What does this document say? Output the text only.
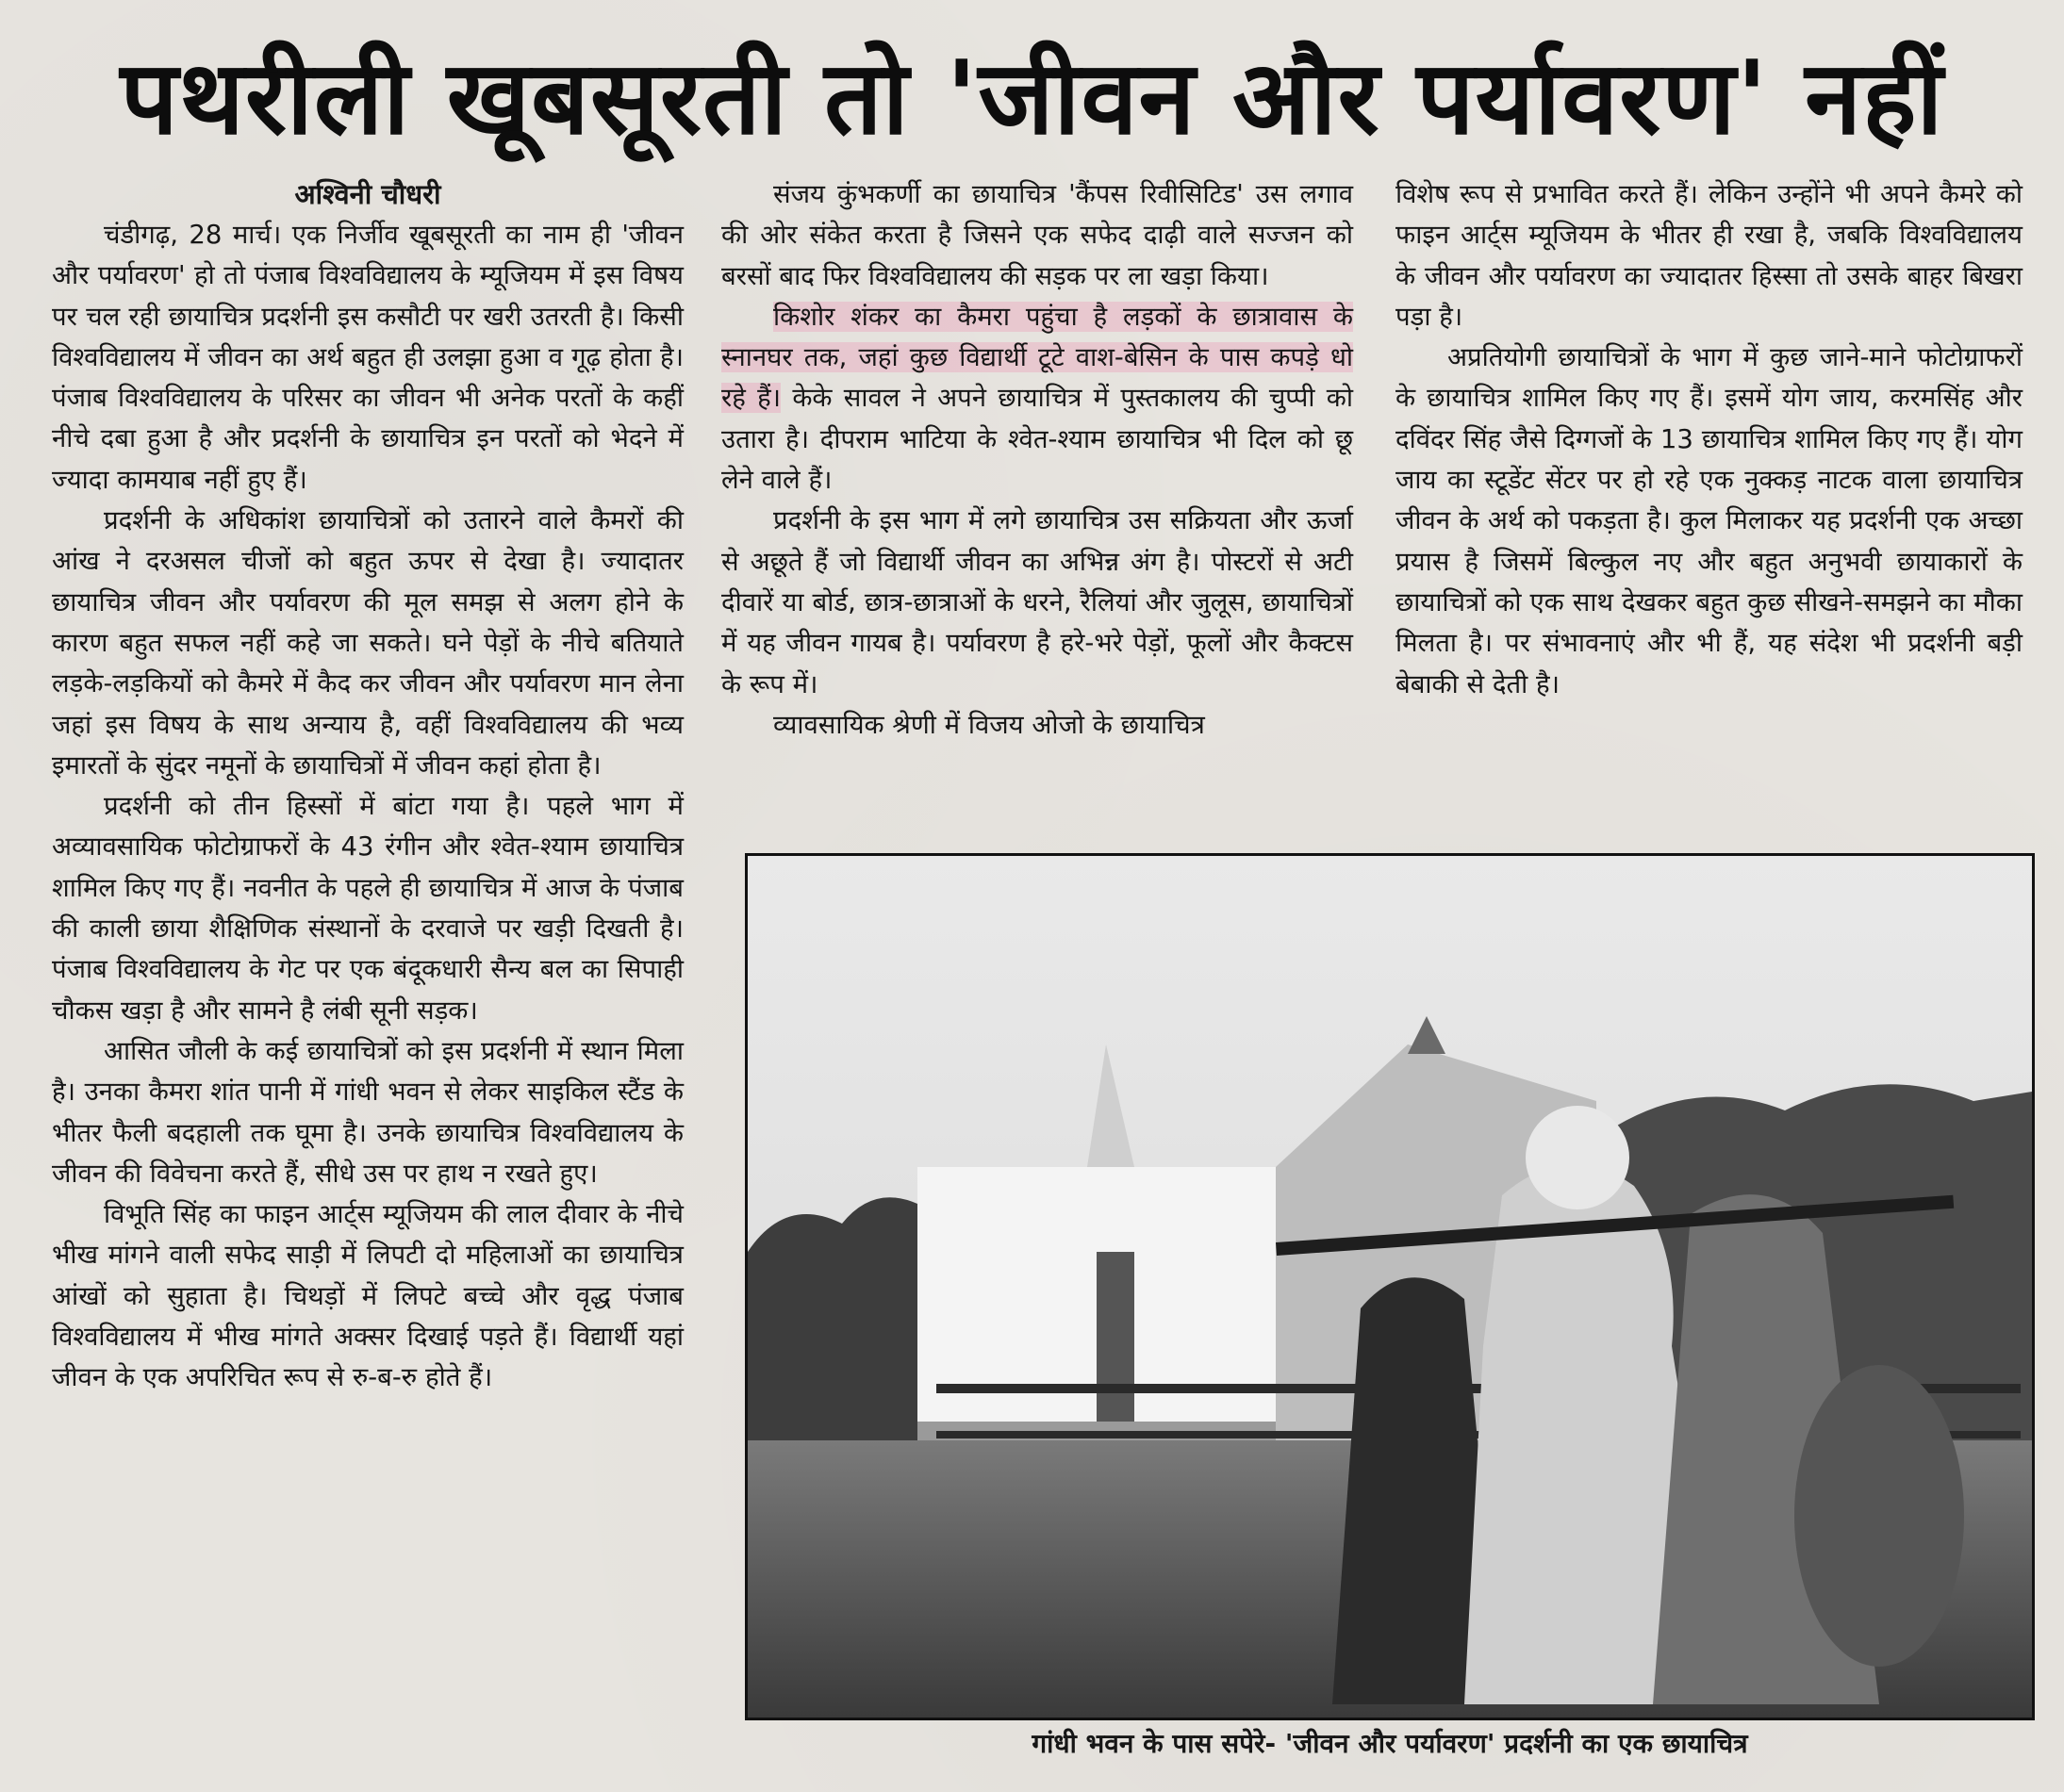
पथरीली खूबसूरती तो 'जीवन और पर्यावरण' नहीं

अश्विनी चौधरी

चंडीगढ़, 28 मार्च। एक निर्जीव खूबसूरती का नाम ही 'जीवन और पर्यावरण' हो तो पंजाब विश्वविद्यालय के म्यूजियम में इस विषय पर चल रही छायाचित्र प्रदर्शनी इस कसौटी पर खरी उतरती है। किसी विश्वविद्यालय में जीवन का अर्थ बहुत ही उलझा हुआ व गूढ़ होता है। पंजाब विश्वविद्यालय के परिसर का जीवन भी अनेक परतों के कहीं नीचे दबा हुआ है और प्रदर्शनी के छायाचित्र इन परतों को भेदने में ज्यादा कामयाब नहीं हुए हैं।

प्रदर्शनी के अधिकांश छायाचित्रों को उतारने वाले कैमरों की आंख ने दरअसल चीजों को बहुत ऊपर से देखा है। ज्यादातर छायाचित्र जीवन और पर्यावरण की मूल समझ से अलग होने के कारण बहुत सफल नहीं कहे जा सकते। घने पेड़ों के नीचे बतियाते लड़के-लड़कियों को कैमरे में कैद कर जीवन और पर्यावरण मान लेना जहां इस विषय के साथ अन्याय है, वहीं विश्वविद्यालय की भव्य इमारतों के सुंदर नमूनों के छायाचित्रों में जीवन कहां होता है।

प्रदर्शनी को तीन हिस्सों में बांटा गया है। पहले भाग में अव्यावसायिक फोटोग्राफरों के 43 रंगीन और श्वेत-श्याम छायाचित्र शामिल किए गए हैं। नवनीत के पहले ही छायाचित्र में आज के पंजाब की काली छाया शैक्षिणिक संस्थानों के दरवाजे पर खड़ी दिखती है। पंजाब विश्वविद्यालय के गेट पर एक बंदूकधारी सैन्य बल का सिपाही चौकस खड़ा है और सामने है लंबी सूनी सड़क।

आसित जौली के कई छायाचित्रों को इस प्रदर्शनी में स्थान मिला है। उनका कैमरा शांत पानी में गांधी भवन से लेकर साइकिल स्टैंड के भीतर फैली बदहाली तक घूमा है। उनके छायाचित्र विश्वविद्यालय के जीवन की विवेचना करते हैं, सीधे उस पर हाथ न रखते हुए।

विभूति सिंह का फाइन आर्ट्स म्यूजियम की लाल दीवार के नीचे भीख मांगने वाली सफेद साड़ी में लिपटी दो महिलाओं का छायाचित्र आंखों को सुहाता है। चिथड़ों में लिपटे बच्चे और वृद्ध पंजाब विश्वविद्यालय में भीख मांगते अक्सर दिखाई पड़ते हैं। विद्यार्थी यहां जीवन के एक अपरिचित रूप से रु-ब-रु होते हैं।

संजय कुंभकर्णी का छायाचित्र 'कैंपस रिवीसिटिड' उस लगाव की ओर संकेत करता है जिसने एक सफेद दाढ़ी वाले सज्जन को बरसों बाद फिर विश्वविद्यालय की सड़क पर ला खड़ा किया।

किशोर शंकर का कैमरा पहुंचा है लड़कों के छात्रावास के स्नानघर तक, जहां कुछ विद्यार्थी टूटे वाश-बेसिन के पास कपड़े धो रहे हैं। केके सावल ने अपने छायाचित्र में पुस्तकालय की चुप्पी को उतारा है। दीपराम भाटिया के श्वेत-श्याम छायाचित्र भी दिल को छू लेने वाले हैं।

प्रदर्शनी के इस भाग में लगे छायाचित्र उस सक्रियता और ऊर्जा से अछूते हैं जो विद्यार्थी जीवन का अभिन्न अंग है। पोस्टरों से अटी दीवारें या बोर्ड, छात्र-छात्राओं के धरने, रैलियां और जुलूस, छायाचित्रों में यह जीवन गायब है। पर्यावरण है हरे-भरे पेड़ों, फूलों और कैक्टस के रूप में।

व्यावसायिक श्रेणी में विजय ओजो के छायाचित्र

विशेष रूप से प्रभावित करते हैं। लेकिन उन्होंने भी अपने कैमरे को फाइन आर्ट्स म्यूजियम के भीतर ही रखा है, जबकि विश्वविद्यालय के जीवन और पर्यावरण का ज्यादातर हिस्सा तो उसके बाहर बिखरा पड़ा है।

अप्रतियोगी छायाचित्रों के भाग में कुछ जाने-माने फोटोग्राफरों के छायाचित्र शामिल किए गए हैं। इसमें योग जाय, करमसिंह और दविंदर सिंह जैसे दिग्गजों के 13 छायाचित्र शामिल किए गए हैं। योग जाय का स्टूडेंट सेंटर पर हो रहे एक नुक्कड़ नाटक वाला छायाचित्र जीवन के अर्थ को पकड़ता है। कुल मिलाकर यह प्रदर्शनी एक अच्छा प्रयास है जिसमें बिल्कुल नए और बहुत अनुभवी छायाकारों के छायाचित्रों को एक साथ देखकर बहुत कुछ सीखने-समझने का मौका मिलता है। पर संभावनाएं और भी हैं, यह संदेश भी प्रदर्शनी बड़ी बेबाकी से देती है।

गांधी भवन के पास सपेरे- 'जीवन और पर्यावरण' प्रदर्शनी का एक छायाचित्र
